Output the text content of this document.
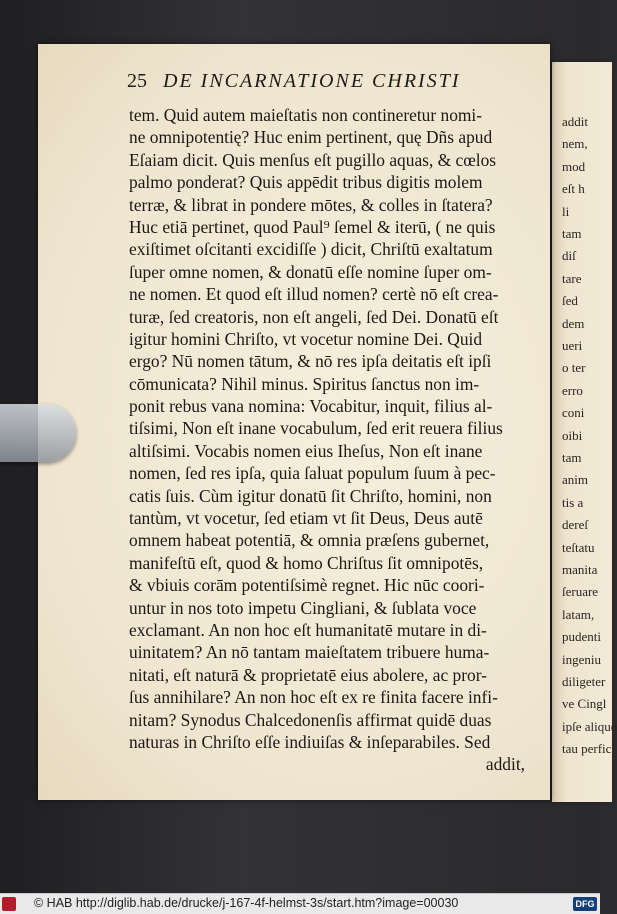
addit
nem,
mod
eſt h
li
tam
diſ
tare
ſed
dem
ueri
o ter
erro
coni
oibi
tam
anim
tis a
dereſ
teſtatu
manita
ſeruare
latam,
pudenti
ingeniu
diligeter
ve Cingl
ipſe aliquo
tau perfici
25 DE INCARNATIONE CHRISTI
tem. Quid autem maieſtatis non contineretur nomi-
ne omnipotentię? Huc enim pertinent, quę Dñs apud
Eſaiam dicit. Quis menſus eſt pugillo aquas, & cœlos
palmo ponderat? Quis appēdit tribus digitis molem
terræ, & librat in pondere mōtes, & colles in ſtatera?
Huc etiā pertinet, quod Paul⁹ ſemel & iterū, ( ne quis
exiſtimet oſcitanti excidiſſe ) dicit, Chriſtū exaltatum
ſuper omne nomen, & donatū eſſe nomine ſuper om-
ne nomen. Et quod eſt illud nomen? certè nō eſt crea-
turæ, ſed creatoris, non eſt angeli, ſed Dei. Donatū eſt
igitur homini Chriſto, vt vocetur nomine Dei. Quid
ergo? Nū nomen tātum, & nō res ipſa deitatis eſt ipſi
cōmunicata? Nihil minus. Spiritus ſanctus non im-
ponit rebus vana nomina: Vocabitur, inquit, filius al-
tiſsimi, Non eſt inane vocabulum, ſed erit reuera filius
altiſsimi. Vocabis nomen eius Iheſus, Non eſt inane
nomen, ſed res ipſa, quia ſaluat populum ſuum à pec-
catis ſuis. Cùm igitur donatū ſit Chriſto, homini, non
tantùm, vt vocetur, ſed etiam vt ſit Deus, Deus autē
omnem habeat potentiā, & omnia præſens gubernet,
manifeſtū eſt, quod & homo Chriſtus ſit omnipotēs,
& vbiuis corām potentiſsimè regnet. Hic nūc coori-
untur in nos toto impetu Cingliani, & ſublata voce
exclamant. An non hoc eſt humanitatē mutare in di-
uinitatem? An nō tantam maieſtatem tribuere huma-
nitati, eſt naturā & proprietatē eius abolere, ac pror-
ſus annihilare? An non hoc eſt ex re finita facere infi-
nitam? Synodus Chalcedonenſis affirmat quidē duas
naturas in Chriſto eſſe indiuiſas & inſeparabiles. Sed
addit,
© HAB http://diglib.hab.de/drucke/j-167-4f-helmst-3s/start.htm?image=00030	DFG
